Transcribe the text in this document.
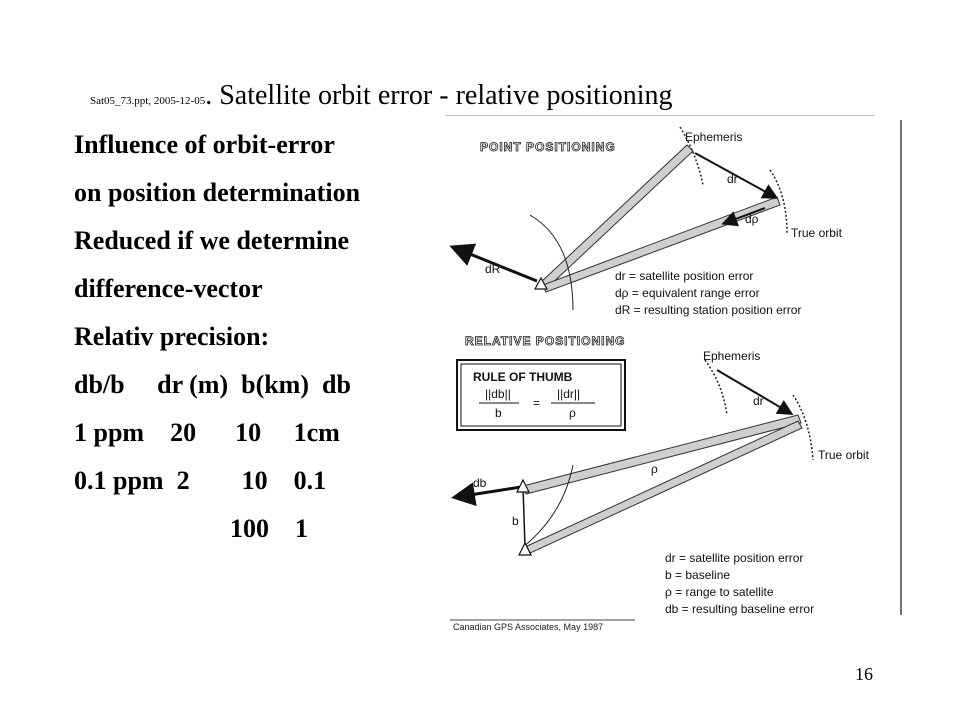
Sat05_73.ppt, 2005-12-05. Satellite orbit error - relative positioning
Influence of orbit-error
on position determination
Reduced if we determine
difference-vector
Relativ precision:
db/b     dr (m)  b(km)  db
1 ppm    20      10     1cm
0.1 ppm  2        10    0.1
100    1
POINT POSITIONING
Ephemeris
True orbit
dr
dρ
dR	dr = satellite position error
dρ = equivalent range error
dR = resulting station position error
RELATIVE POSITIONING
RULE OF THUMB
||db||
b
=
||dr||
ρ
Ephemeris
True orbit
dr
ρ
db
b
dr = satellite position error
b = baseline
ρ = range to satellite
db = resulting baseline error
Canadian GPS Associates, May 1987
16
